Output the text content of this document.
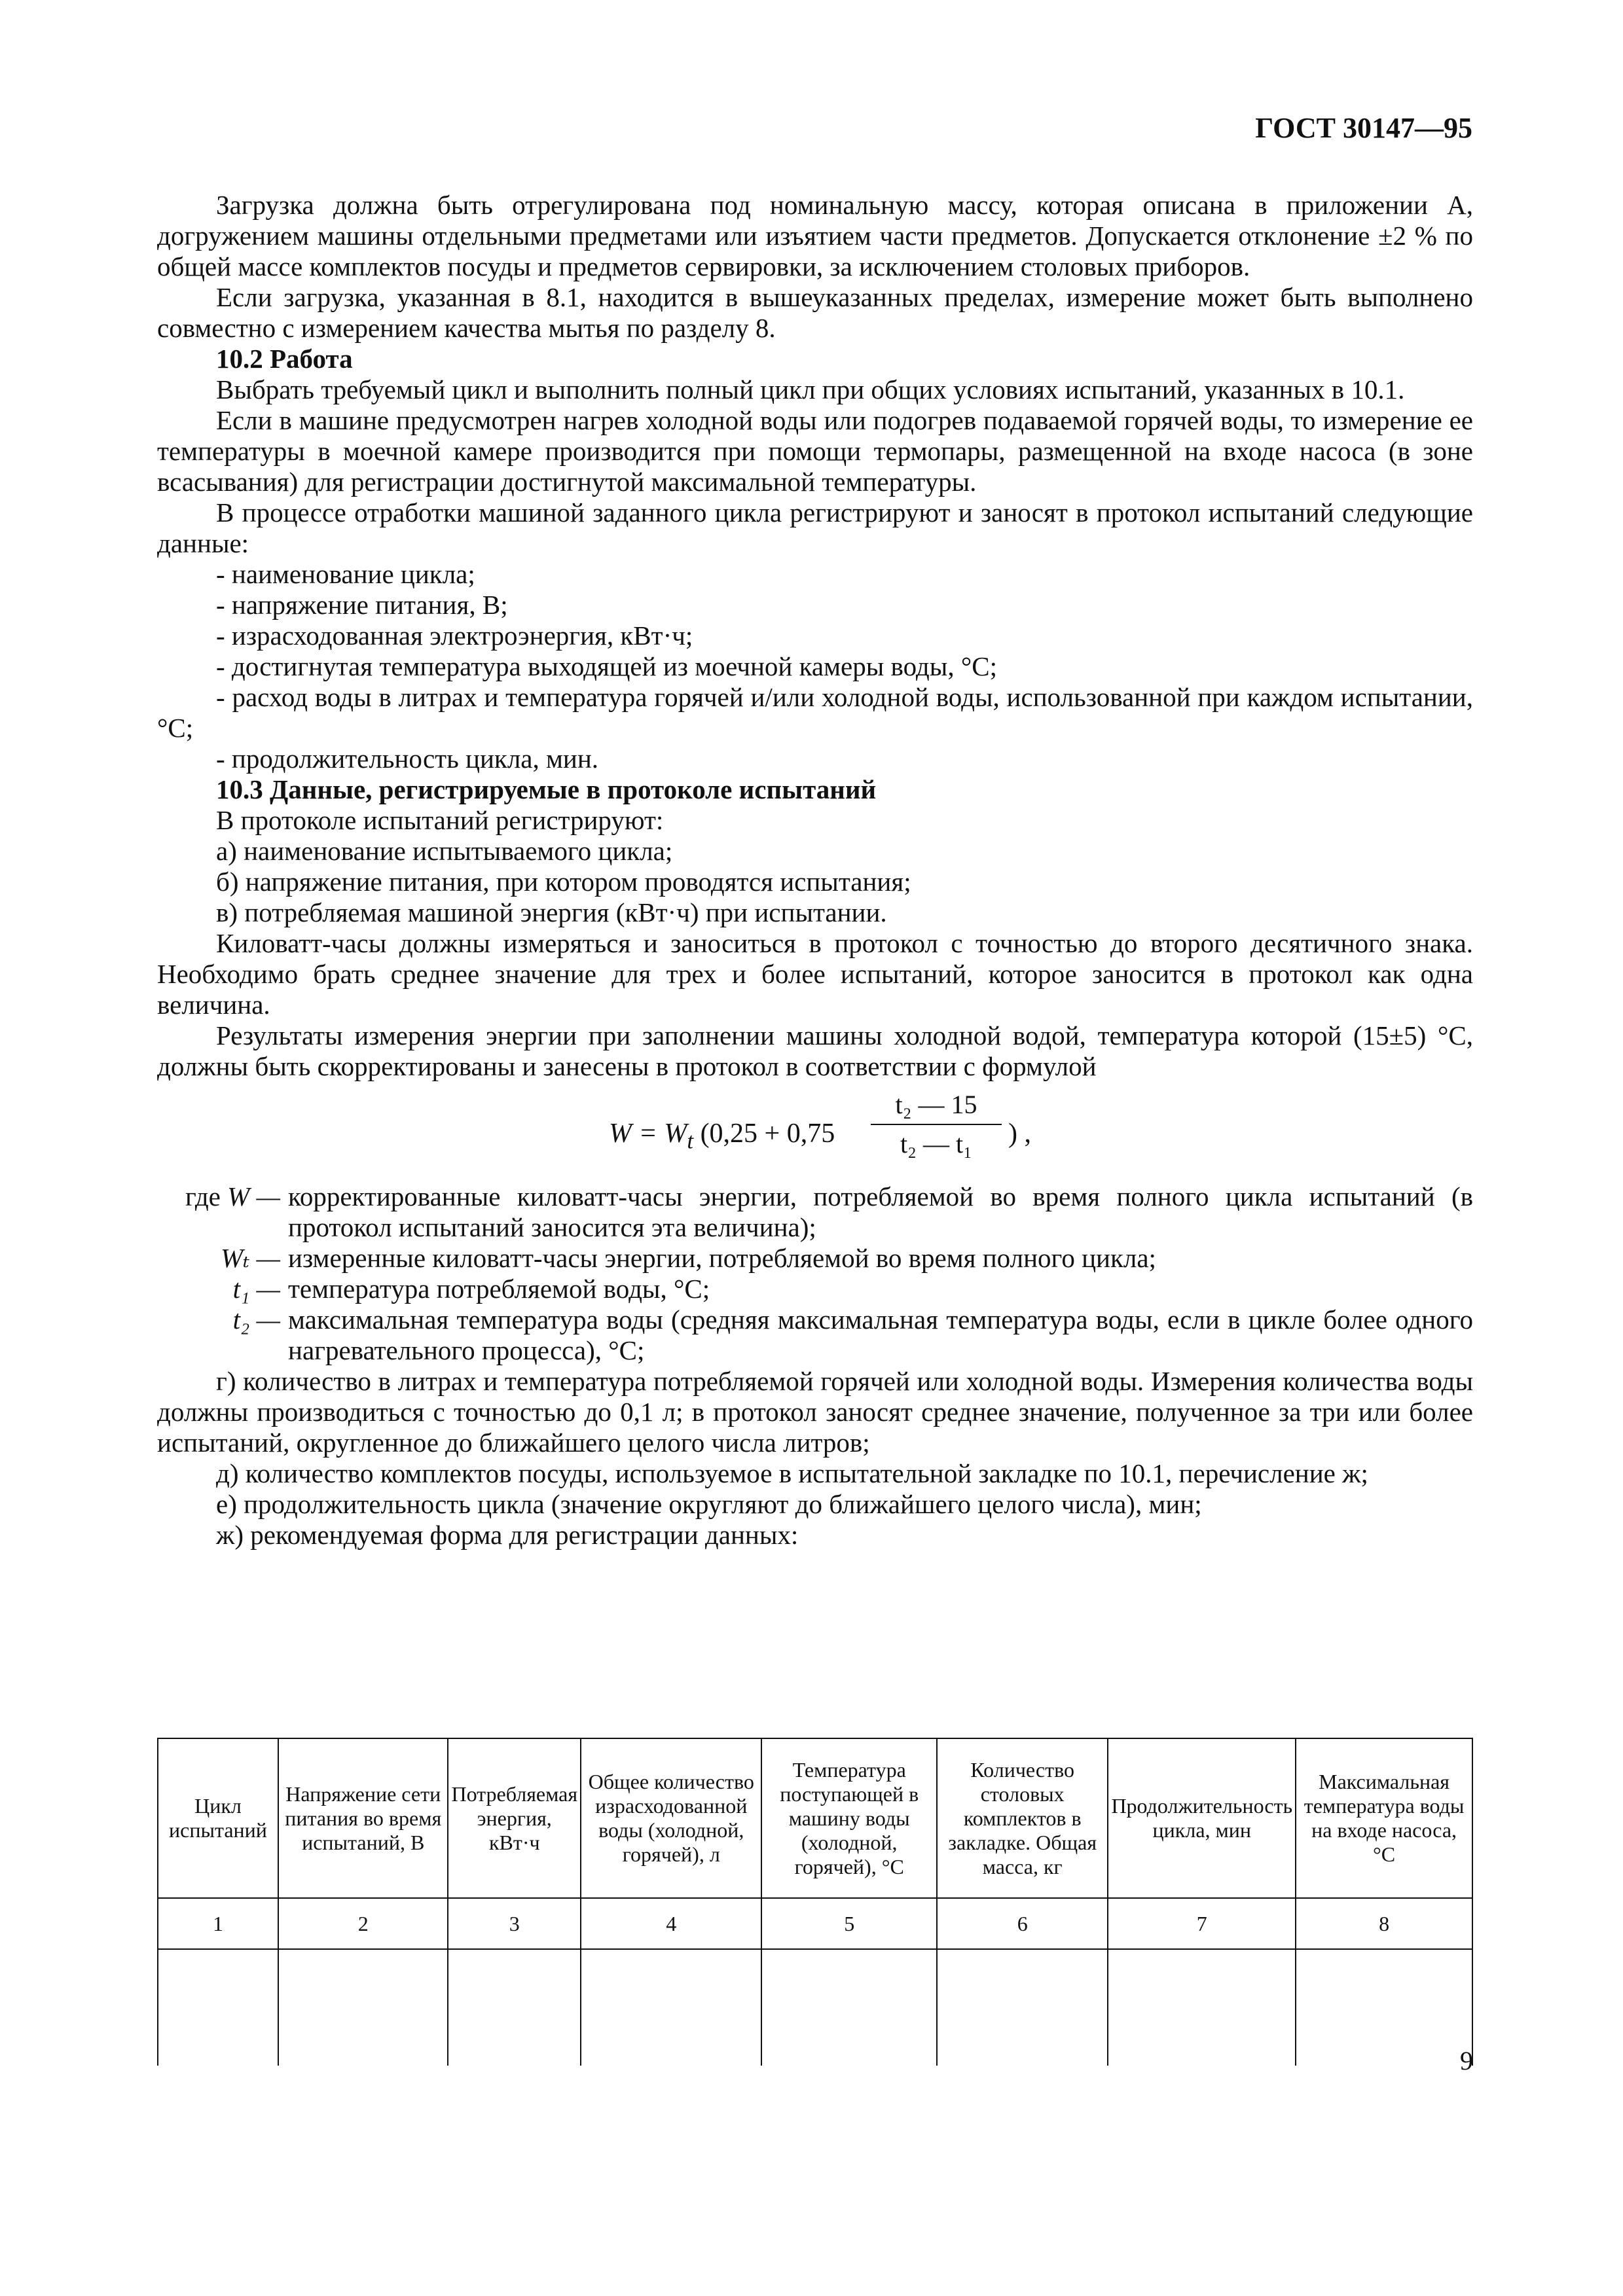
ГОСТ 30147—95

Загрузка должна быть отрегулирована под номинальную массу, которая описана в приложении А, догружением машины отдельными предметами или изъятием части предметов. Допускается отклонение ±2 % по общей массе комплектов посуды и предметов сервировки, за исключением столовых приборов.

Если загрузка, указанная в 8.1, находится в вышеуказанных пределах, измерение может быть выполнено совместно с измерением качества мытья по разделу 8.

10.2 Работа

Выбрать требуемый цикл и выполнить полный цикл при общих условиях испытаний, указанных в 10.1.

Если в машине предусмотрен нагрев холодной воды или подогрев подаваемой горячей воды, то измерение ее температуры в моечной камере производится при помощи термопары, размещенной на входе насоса (в зоне всасывания) для регистрации достигнутой максимальной температуры.

В процессе отработки машиной заданного цикла регистрируют и заносят в протокол испытаний следующие данные:

- наименование цикла;

- напряжение питания, В;

- израсходованная электроэнергия, кВт·ч;

- достигнутая температура выходящей из моечной камеры воды, °С;

- расход воды в литрах и температура горячей и/или холодной воды, использованной при каждом испытании, °С;

- продолжительность цикла, мин.

10.3 Данные, регистрируемые в протоколе испытаний

В протоколе испытаний регистрируют:

а) наименование испытываемого цикла;

б) напряжение питания, при котором проводятся испытания;

в) потребляемая машиной энергия (кВт·ч) при испытании.

Киловатт-часы должны измеряться и заноситься в протокол с точностью до второго десятичного знака. Необходимо брать среднее значение для трех и более испытаний, которое заносится в протокол как одна величина.

Результаты измерения энергии при заполнении машины холодной водой, температура которой (15±5) °С, должны быть скорректированы и занесены в протокол в соответствии с формулой

$W = W_t$ ($0,25 + 0,75 \frac{\text{t₂ — 15}}{\text{t₂ — t₁}}$ ) ,
где W — корректированные киловатт-часы энергии, потребляемой во время полного цикла испытаний (в протокол испытаний заносится эта величина);
Wₜ — измеренные киловатт-часы энергии, потребляемой во время полного цикла;
t₁ — температура потребляемой воды, °С;
t₂ — максимальная температура воды (средняя максимальная температура воды, если в цикле более одного нагревательного процесса), °С;

г) количество в литрах и температура потребляемой горячей или холодной воды. Измерения количества воды должны производиться с точностью до 0,1 л; в протокол заносят среднее значение, полученное за три или более испытаний, округленное до ближайшего целого числа литров;

д) количество комплектов посуды, используемое в испытательной закладке по 10.1, перечисление ж;

е) продолжительность цикла (значение округляют до ближайшего целого числа), мин;

ж) рекомендуемая форма для регистрации данных:

Цикл испытаний	Напряжение сети питания во время испытаний, В	Потребляемая энергия, кВт·ч	Общее количество израсходованной воды (холодной, горячей), л	Температура поступающей в машину воды (холодной, горячей), °С	Количество столовых комплектов в закладке. Общая масса, кг	Продолжительность цикла, мин	Максимальная температура воды на входе насоса, °С
1	2	3	4	5	6	7	8

9
